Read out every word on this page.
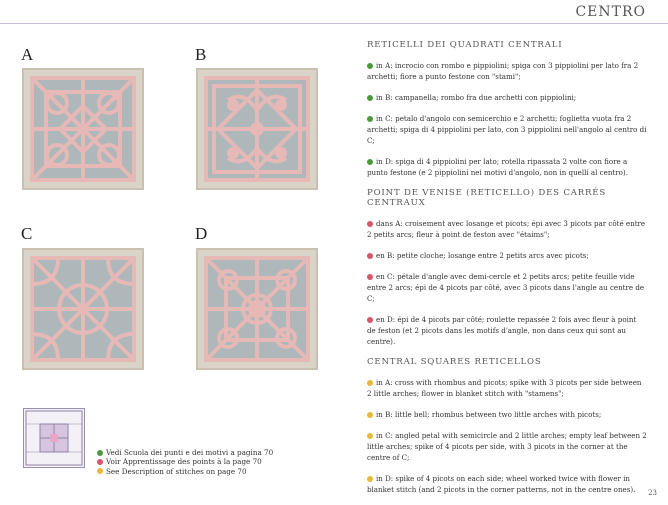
CENTRO
A	B
C	D
Vedi Scuola dei punti e dei motivi a pagina 70
Voir Apprentissage des points à la page 70
See Description of stitches on page 70
RETICELLI DEI QUADRATI CENTRALI
in A: incrocio con rombo e pippiolini; spiga con 3 pippiolini per lato fra 2 archetti; fiore a punto festone con "stami";
in B: campanella; rombo fra due archetti con pippiolini;
in C: petalo d'angolo con semicerchio e 2 archetti; foglietta vuota fra 2 archetti; spiga di 4 pippiolini per lato, con 3 pippiolini nell'angolo al centro di C;
in D: spiga di 4 pippiolini per lato; rotella ripassata 2 volte con fiore a punto festone (e 2 pippiolini nei motivi d'angolo, non in quelli al centro).
POINT DE VENISE (RETICELLO) DES CARRÉS CENTRAUX
dans A: croisement avec losange et picots; épi avec 3 picots par côté entre 2 petits arcs; fleur à point de feston avec "étaims";
en B: petite cloche; losange entre 2 petits arcs avec picots;
en C: pétale d'angle avec demi-cercle et 2 petits arcs; petite feuille vide entre 2 arcs; épi de 4 picots par côté, avec 3 picots dans l'angle au centre de C;
en D: épi de 4 picots par côté; roulette repassée 2 fois avec fleur à point de feston (et 2 picots dans les motifs d'angle, non dans ceux qui sont au centre).
CENTRAL SQUARES RETICELLOS
in A: cross with rhombus and picots; spike with 3 picots per side between 2 little arches; flower in blanket stitch with "stamens";
in B: little bell; rhombus between two little arches with picots;
in C: angled petal with semicircle and 2 little arches; empty leaf between 2 little arches; spike of 4 picots per side, with 3 picots in the corner at the centre of C;
in D: spike of 4 picots on each side; wheel worked twice with flower in blanket stitch (and 2 picots in the corner patterns, not in the centre ones).	23
